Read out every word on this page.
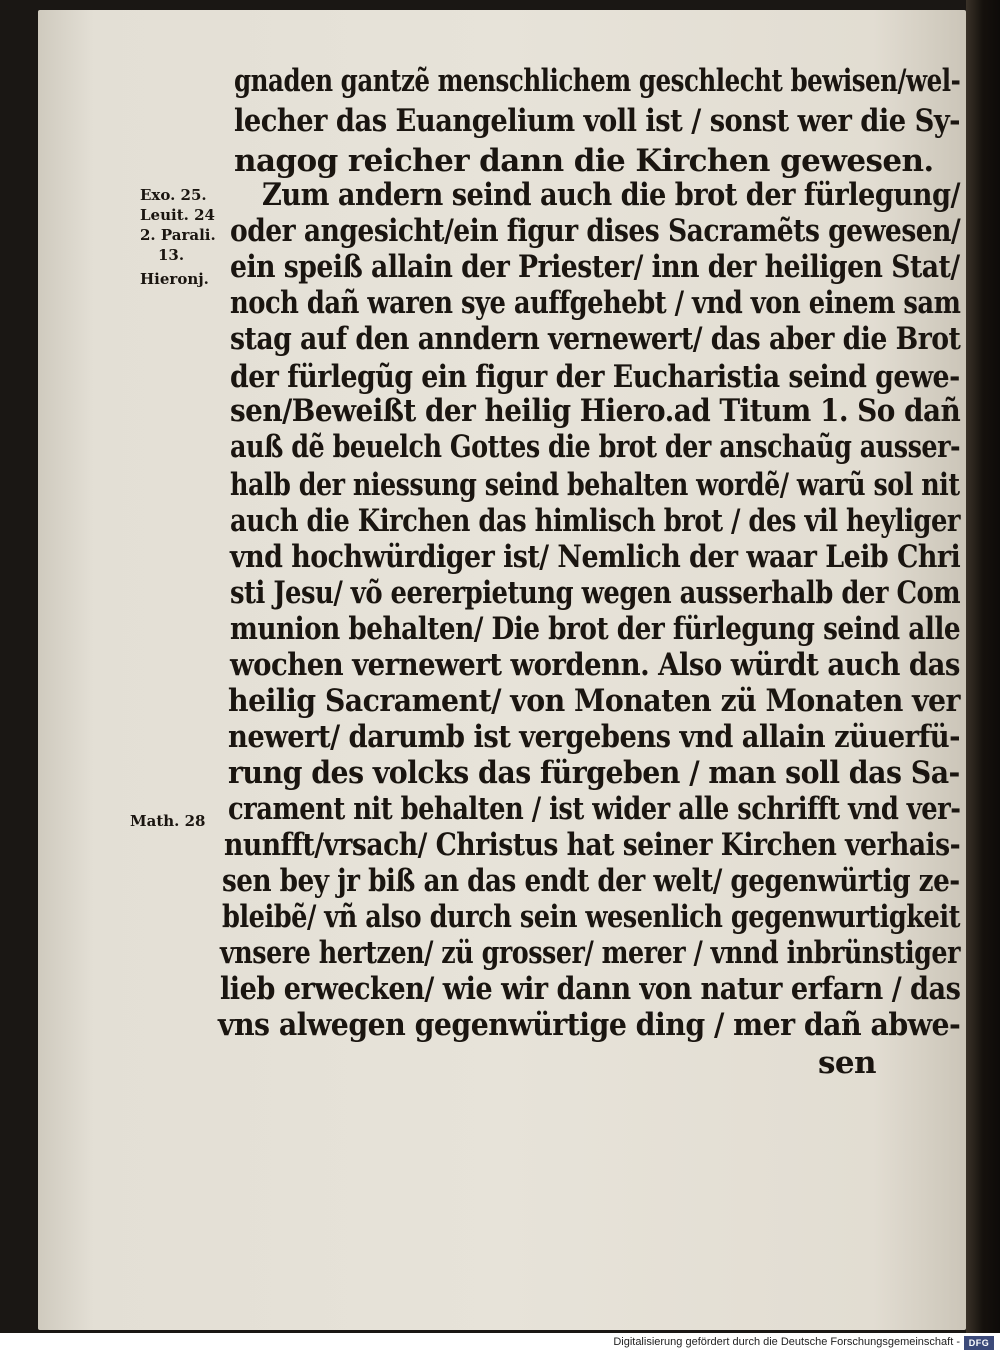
gnaden gantzẽ menschlichem geschlecht bewisen/wel-
lecher das Euangelium voll ist / sonst wer die Sy-
nagog reicher dann die Kirchen gewesen.
Zum andern seind auch die brot der fürlegung/
oder angesicht/ein figur dises Sacramẽts gewesen/
ein speiß allain der Priester/ inn der heiligen Stat/
noch dañ waren sye auffgehebt / vnd von einem sam
stag auf den anndern vernewert/ das aber die Brot
der fürlegũg ein figur der Eucharistia seind gewe-
sen/Beweißt der heilig Hiero.ad Titum 1. So dañ
auß dẽ beuelch Gottes die brot der anschaũg ausser-
halb der niessung seind behalten wordẽ/ warũ sol nit
auch die Kirchen das himlisch brot / des vil heyliger
vnd hochwürdiger ist/ Nemlich der waar Leib Chri
sti Jesu/ võ eererpietung wegen ausserhalb der Com
munion behalten/ Die brot der fürlegung seind alle
wochen vernewert wordenn. Also würdt auch das
heilig Sacrament/ von Monaten zü Monaten ver
newert/ darumb ist vergebens vnd allain züuerfü-
rung des volcks das fürgeben / man soll das Sa-
crament nit behalten / ist wider alle schrifft vnd ver-
nunfft/vrsach/ Christus hat seiner Kirchen verhais-
sen bey jr biß an das endt der welt/ gegenwürtig ze-
bleibẽ/ vñ also durch sein wesenlich gegenwurtigkeit
vnsere hertzen/ zü grosser/ merer / vnnd inbrünstiger
lieb erwecken/ wie wir dann von natur erfarn / das
vns alwegen gegenwürtige ding / mer dañ abwe-
sen
Exo. 25.
Leuit. 24
2. Parali.
13.
Hieronj.
Math. 28
Digitalisierung gefördert durch die Deutsche Forschungsgemeinschaft - DFG
